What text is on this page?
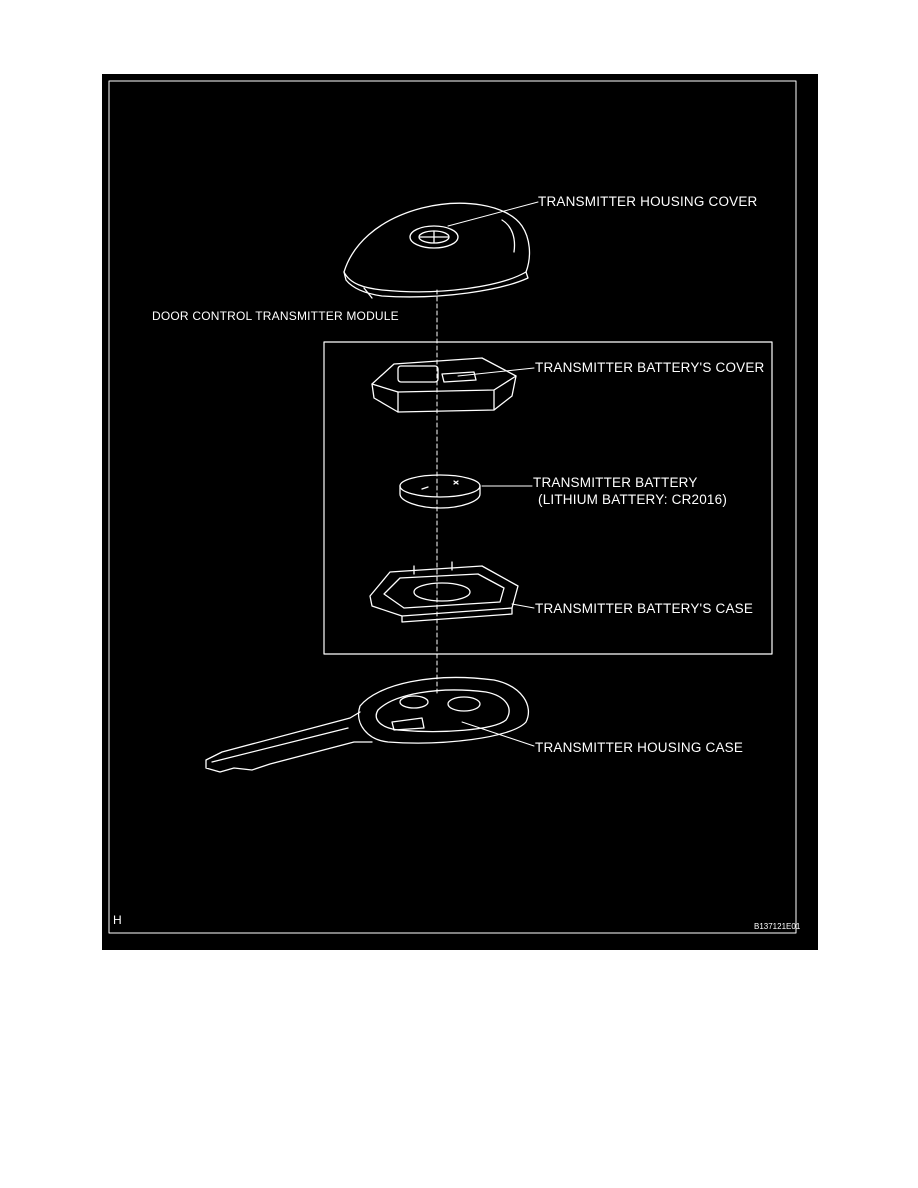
TRANSMITTER HOUSING COVER
DOOR CONTROL TRANSMITTER MODULE
TRANSMITTER BATTERY'S COVER
TRANSMITTER BATTERY
(LITHIUM BATTERY: CR2016)
TRANSMITTER BATTERY'S CASE
TRANSMITTER HOUSING CASE
H	B137121E01
